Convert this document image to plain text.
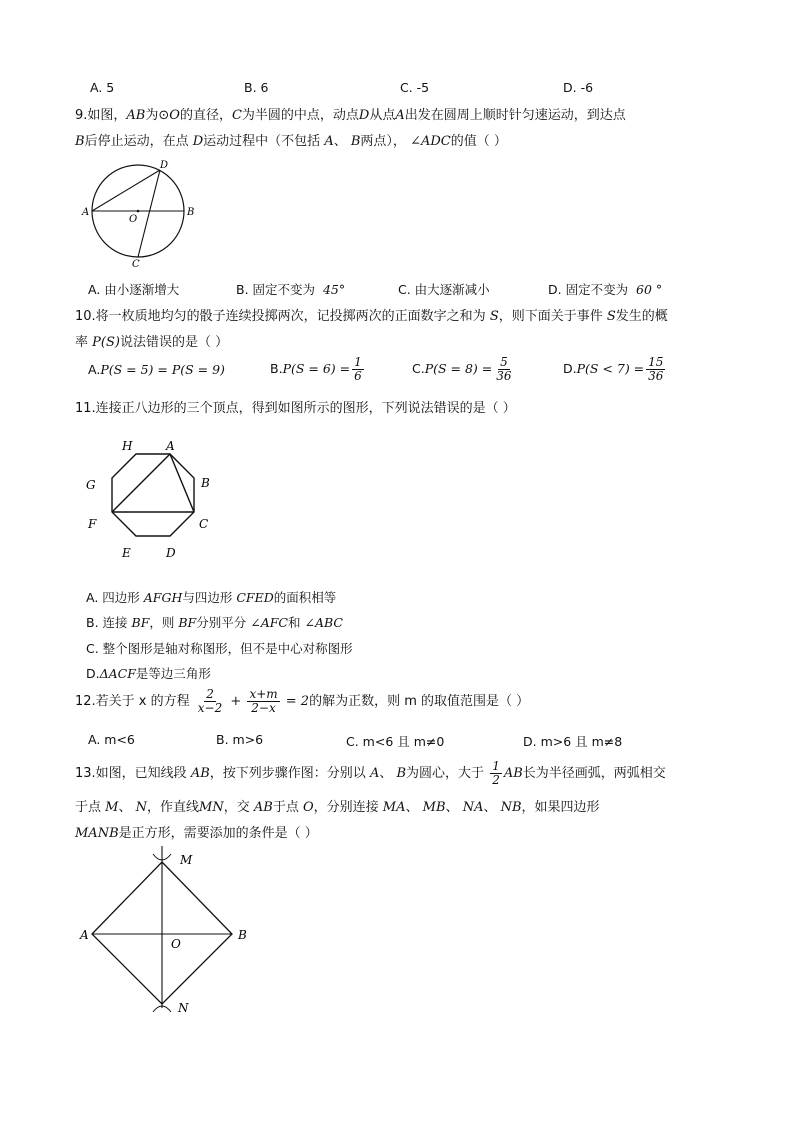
A. 5	B. 6	C. -5	D. -6
9.如图，AB为⊙O的直径，C为半圆的中点，动点D从点A出发在圆周上顺时针匀速运动，到达点
B后停止运动，在点 D运动过程中（不包括 A、 B两点）， ∠ADC的值（ ）
A	B
D
C
O
A. 由小逐渐增大	B. 固定不变为 45°	C. 由大逐渐减小	D. 固定不变为 60 °
10.将一枚质地均匀的骰子连续投掷两次，记投掷两次的正面数字之和为 S，则下面关于事件 S发生的概
率 P(S)说法错误的是（ ）
A.P(S = 5) = P(S = 9)	$B.P(S = 6) = \frac{1}{6}$	$C.P(S = 8) = \frac{5}{36}$	$D.P(S < 7) = \frac{15}{36}$
11.连接正八边形的三个顶点，得到如图所示的图形，下列说法错误的是（ ）
H	A
B
C
D
E
F
G
A. 四边形 AFGH与四边形 CFED的面积相等
B. 连接 BF，则 BF分别平分 ∠AFC和 ∠ABC
C. 整个图形是轴对称图形，但不是中心对称图形
D.ΔACF是等边三角形
12.若关于 x 的方程 $\frac{2}{x-2} + \frac{x+m}{2-x} = 2$的解为正数，则 m 的取值范围是（ ）
A. m<6	B. m>6	C. m<6 且 m≠0	D. m>6 且 m≠8
13.如图，已知线段 AB，按下列步骤作图：分别以 A、 B为圆心，大于 $\frac{1}{2}$ AB长为半径画弧，两弧相交
于点 M、 N，作直线MN，交 AB于点 O，分别连接 MA、 MB、 NA、 NB，如果四边形
MANB是正方形，需要添加的条件是（ ）
M
N
A	B
O
